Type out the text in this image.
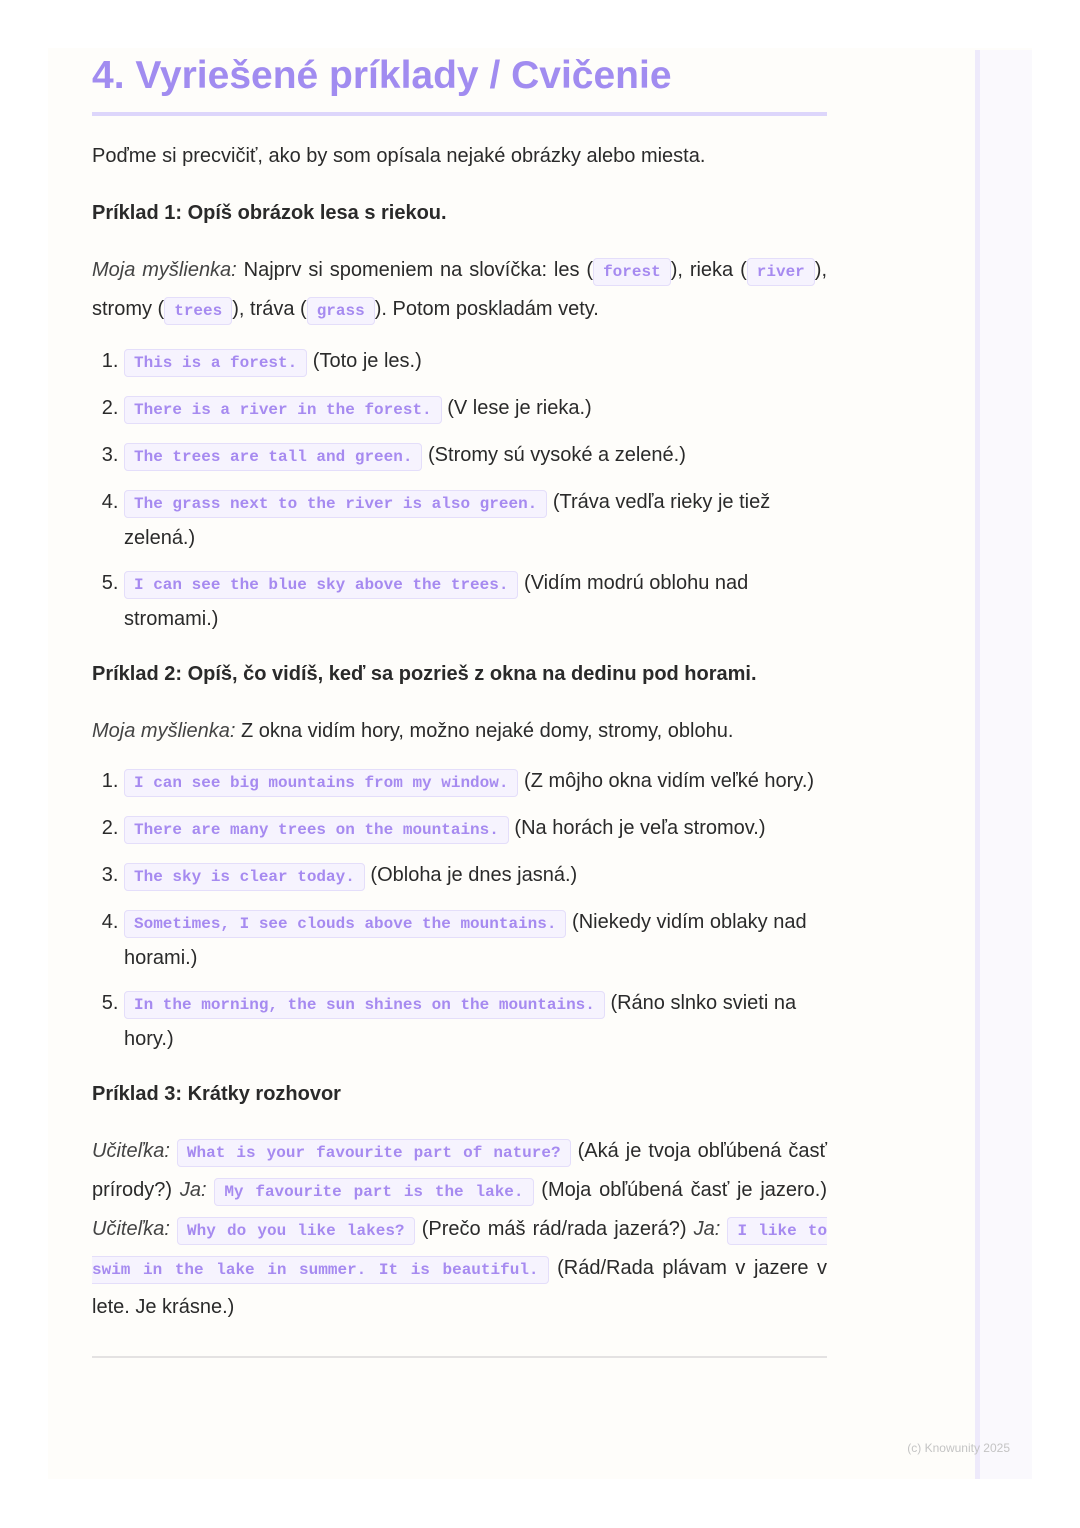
4. Vyriešené príklady / Cvičenie

Poďme si precvičiť, ako by som opísala nejaké obrázky alebo miesta.

Príklad 1: Opíš obrázok lesa s riekou.

Moja myšlienka: Najprv si spomeniem na slovíčka: les ( forest ), rieka ( river ), stromy ( trees ), tráva ( grass ). Potom poskladám vety.

1. This is a forest. (Toto je les.)
2. There is a river in the forest. (V lese je rieka.)
3. The trees are tall and green. (Stromy sú vysoké a zelené.)
4. The grass next to the river is also green. (Tráva vedľa rieky je tiež zelená.)
5. I can see the blue sky above the trees. (Vidím modrú oblohu nad stromami.)

Príklad 2: Opíš, čo vidíš, keď sa pozrieš z okna na dedinu pod horami.

Moja myšlienka: Z okna vidím hory, možno nejaké domy, stromy, oblohu.

1. I can see big mountains from my window. (Z môjho okna vidím veľké hory.)
2. There are many trees on the mountains. (Na horách je veľa stromov.)
3. The sky is clear today. (Obloha je dnes jasná.)
4. Sometimes, I see clouds above the mountains. (Niekedy vidím oblaky nad horami.)
5. In the morning, the sun shines on the mountains. (Ráno slnko svieti na hory.)

Príklad 3: Krátky rozhovor

Učiteľka: What is your favourite part of nature? (Aká je tvoja obľúbená časť prírody?) Ja: My favourite part is the lake. (Moja obľúbená časť je jazero.) Učiteľka: Why do you like lakes? (Prečo máš rád/rada jazerá?) Ja: I like to swim in the lake in summer. It is beautiful. (Rád/Rada plávam v jazere v lete. Je krásne.)

(c) Knowunity 2025
